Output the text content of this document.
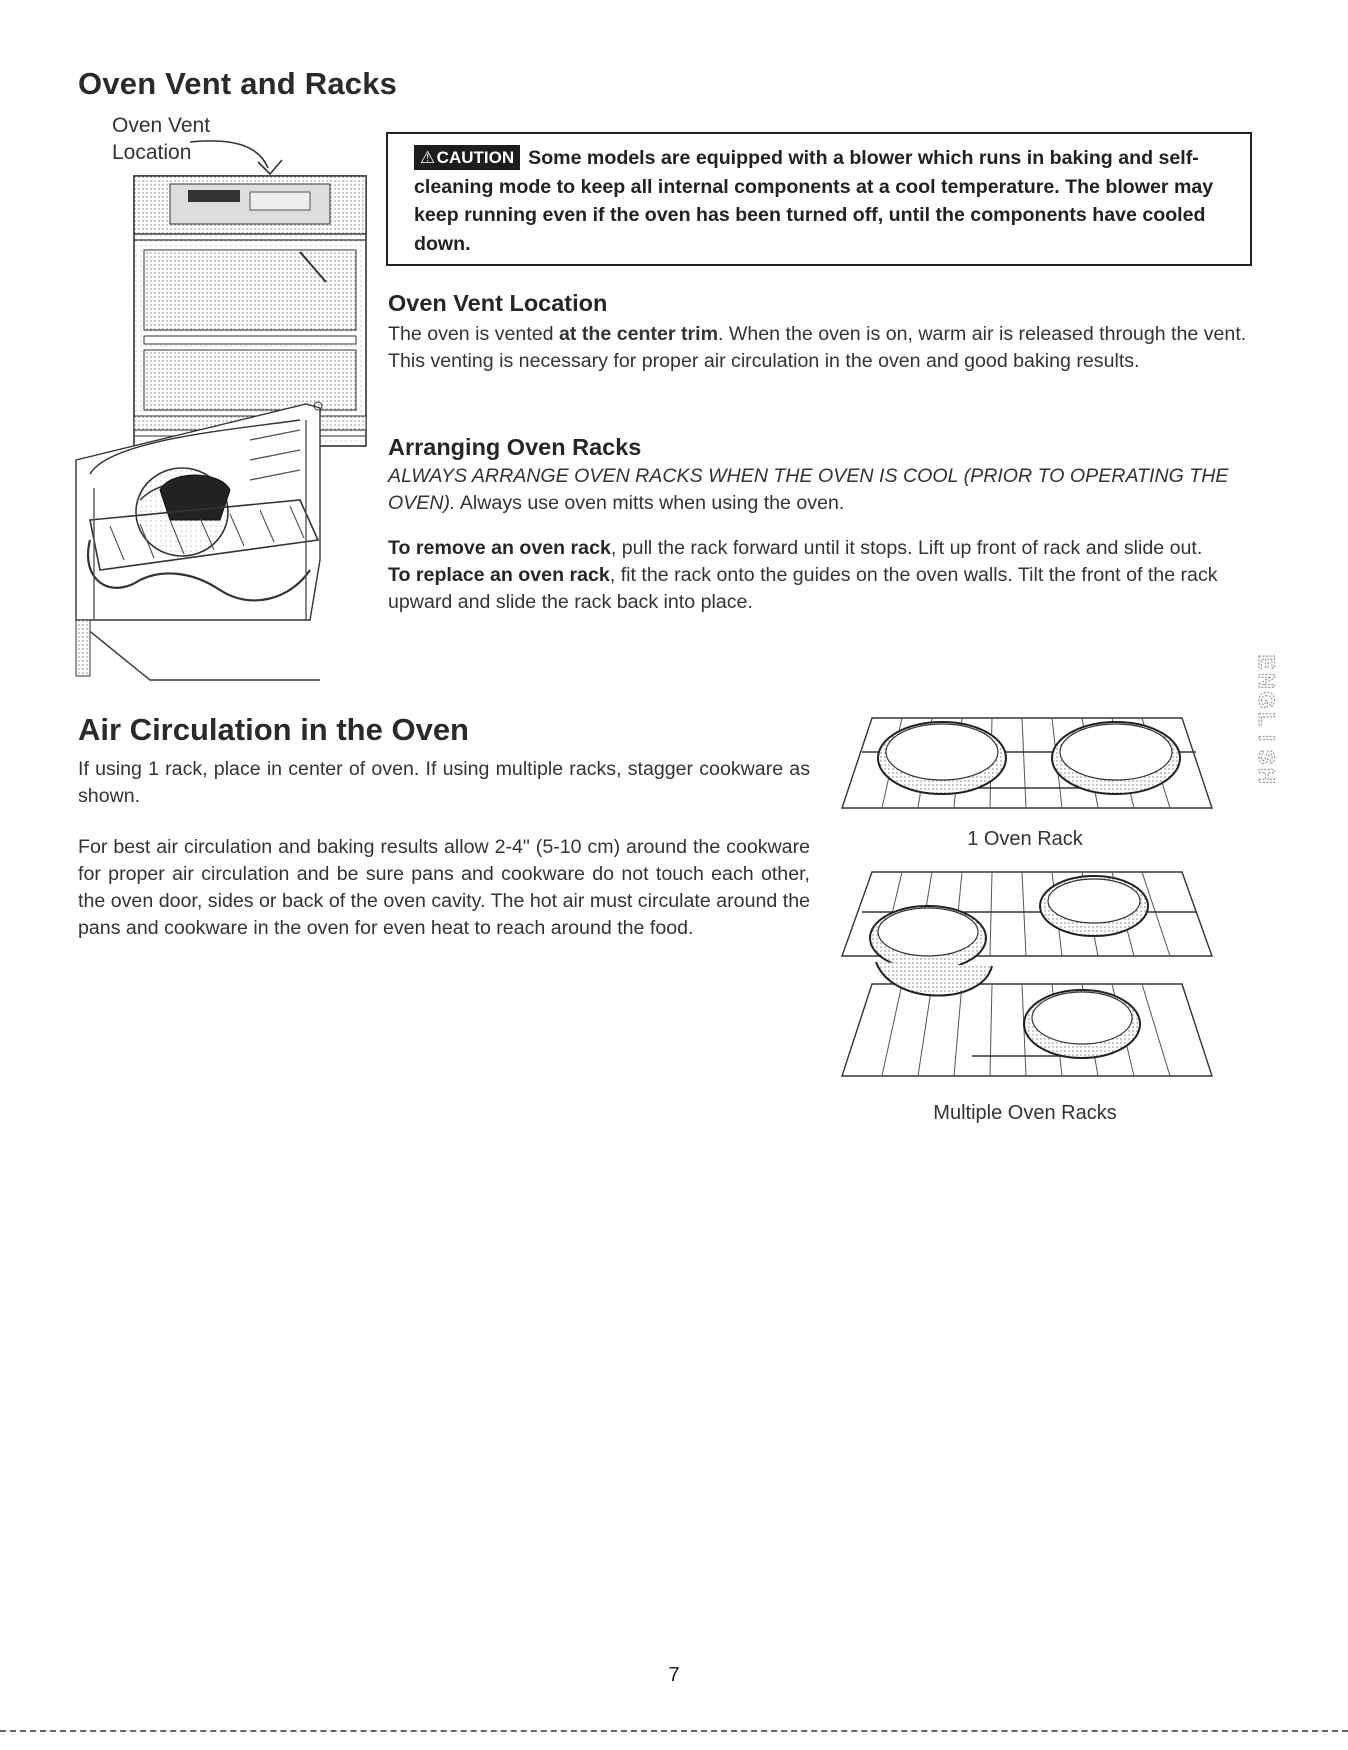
Oven Vent and Racks
Oven Vent
Location	⚠ CAUTION Some models are equipped with a blower which runs in baking and self-cleaning mode to keep all internal components at a cool temperature. The blower may keep running even if the oven has been turned off, until the components have cooled down.
Oven Vent Location

The oven is vented at the center trim. When the oven is on, warm air is released through the vent. This venting is necessary for proper air circulation in the oven and good baking results.

Arranging Oven Racks

ALWAYS ARRANGE OVEN RACKS WHEN THE OVEN IS COOL (PRIOR TO OPERATING THE OVEN). Always use oven mitts when using the oven.

To remove an oven rack, pull the rack forward until it stops. Lift up front of rack and slide out.

To replace an oven rack, fit the rack onto the guides on the oven walls. Tilt the front of the rack upward and slide the rack back into place.

Air Circulation in the Oven

If using 1 rack, place in center of oven. If using multiple racks, stagger cookware as shown.

For best air circulation and baking results allow 2-4" (5-10 cm) around the cookware for proper air circulation and be sure pans and cookware do not touch each other, the oven door, sides or back of the oven cavity. The hot air must circulate around the pans and cookware in the oven for even heat to reach around the food.

1 Oven Rack
Multiple Oven Racks
E
N
G
L
I
S
H
7
